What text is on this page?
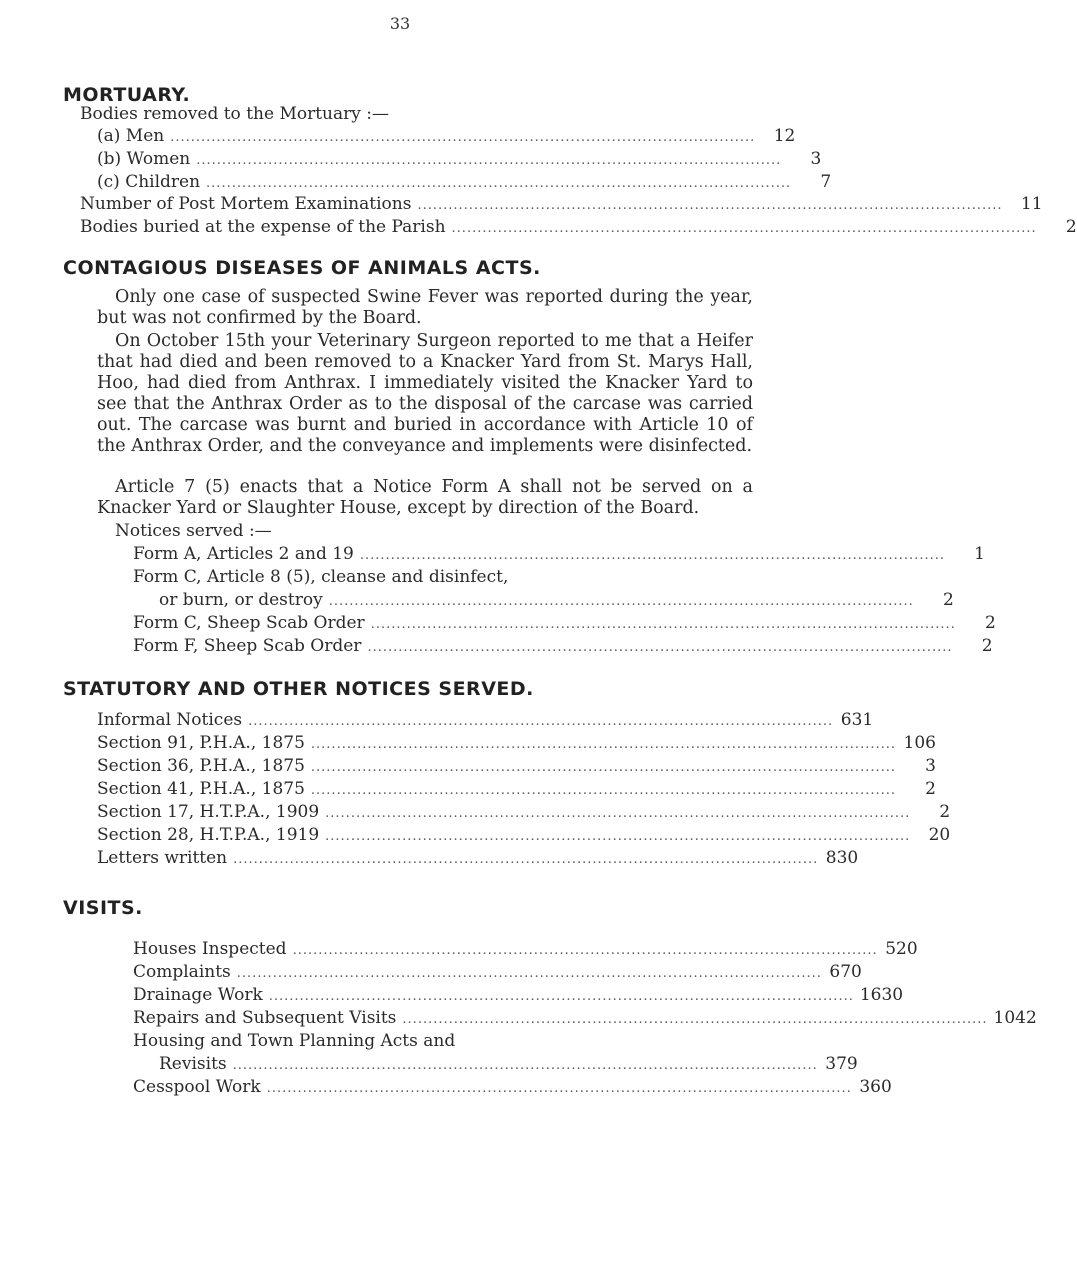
33
MORTUARY.
Bodies removed to the Mortuary :—
(a) Men ..................................................................................................................	12
(b) Women ..................................................................................................................	3
(c) Children ..................................................................................................................	7
Number of Post Mortem Examinations ..................................................................................................................	11
Bodies buried at the expense of the Parish ..................................................................................................................	2
CONTAGIOUS DISEASES OF ANIMALS ACTS.

Only one case of suspected Swine Fever was reported during the year, but was not confirmed by the Board.

On October 15th your Veterinary Surgeon reported to me that a Heifer that had died and been removed to a Knacker Yard from St. Marys Hall, Hoo, had died from Anthrax. I immediately visited the Knacker Yard to see that the Anthrax Order as to the disposal of the carcase was carried out. The carcase was burnt and buried in accordance with Article 10 of the Anthrax Order, and the conveyance and implements were disinfected.

Article 7 (5) enacts that a Notice Form A shall not be served on a Knacker Yard or Slaughter House, except by direction of the Board.

Notices served :—
Form A, Articles 2 and 19 ..................................................................................................................	1
Form C, Article 8 (5), cleanse and disinfect,
or burn, or destroy ..................................................................................................................	2
Form C, Sheep Scab Order ..................................................................................................................	2
Form F, Sheep Scab Order ..................................................................................................................	2
STATUTORY AND OTHER NOTICES SERVED.
Informal Notices .................................................................................................................. 631
Section 91, P.H.A., 1875 .................................................................................................................. 106
Section 36, P.H.A., 1875 ..................................................................................................................	3
Section 41, P.H.A., 1875 ..................................................................................................................	2
Section 17, H.T.P.A., 1909 ..................................................................................................................	2
Section 28, H.T.P.A., 1919 ..................................................................................................................	20
Letters written .................................................................................................................. 830
VISITS.
Houses Inspected .................................................................................................................. 520
Complaints .................................................................................................................. 670
Drainage Work .................................................................................................................. 1630
Repairs and Subsequent Visits .................................................................................................................. 1042
Housing and Town Planning Acts and
Revisits .................................................................................................................. 379
Cesspool Work .................................................................................................................. 360
